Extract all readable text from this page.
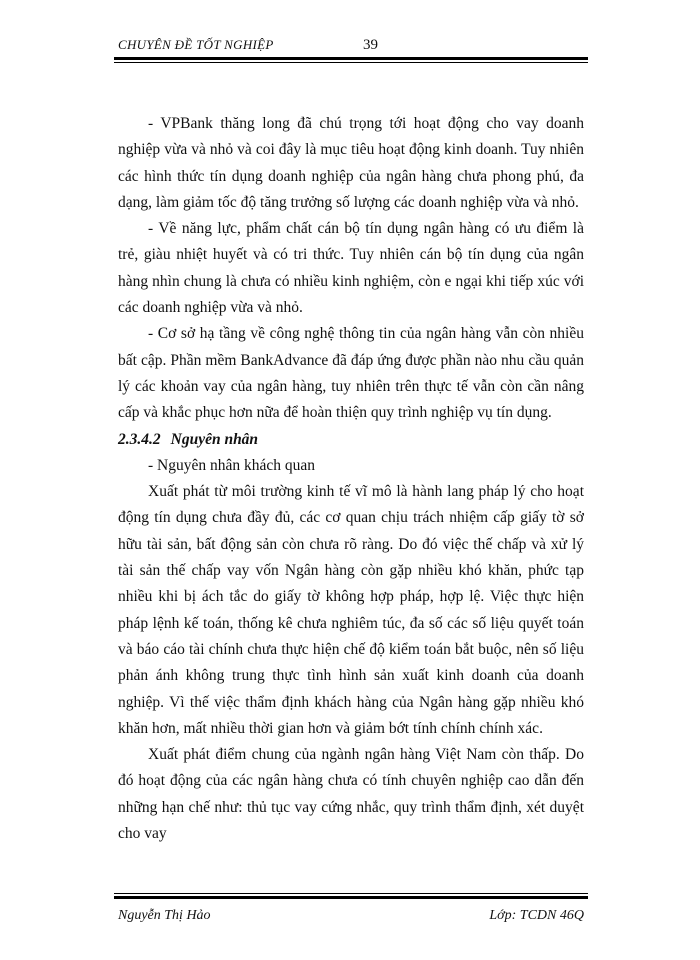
CHUYÊN ĐỀ TỐT NGHIỆP	39

- VPBank thăng long đã chú trọng tới hoạt động cho vay doanh nghiệp vừa và nhỏ và coi đây là mục tiêu hoạt động kinh doanh. Tuy nhiên các hình thức tín dụng doanh nghiệp của ngân hàng chưa phong phú, đa dạng, làm giảm tốc độ tăng trưởng số lượng các doanh nghiệp vừa và nhỏ.

- Về năng lực, phẩm chất cán bộ tín dụng ngân hàng có ưu điểm là trẻ, giàu nhiệt huyết và có tri thức. Tuy nhiên cán bộ tín dụng của ngân hàng nhìn chung là chưa có nhiều kinh nghiệm, còn e ngại khi tiếp xúc với các doanh nghiệp vừa và nhỏ.

- Cơ sở hạ tầng về công nghệ thông tin của ngân hàng vẫn còn nhiều bất cập. Phần mềm BankAdvance đã đáp ứng được phần nào nhu cầu quản lý các khoản vay của ngân hàng, tuy nhiên trên thực tế vẫn còn cần nâng cấp và khắc phục hơn nữa để hoàn thiện quy trình nghiệp vụ tín dụng.

2.3.4.2 Nguyên nhân

- Nguyên nhân khách quan

Xuất phát từ môi trường kinh tế vĩ mô là hành lang pháp lý cho hoạt động tín dụng chưa đầy đủ, các cơ quan chịu trách nhiệm cấp giấy tờ sở hữu tài sản, bất động sản còn chưa rõ ràng. Do đó việc thế chấp và xử lý tài sản thế chấp vay vốn Ngân hàng còn gặp nhiều khó khăn, phức tạp nhiều khi bị ách tắc do giấy tờ không hợp pháp, hợp lệ. Việc thực hiện pháp lệnh kế toán, thống kê chưa nghiêm túc, đa số các số liệu quyết toán và báo cáo tài chính chưa thực hiện chế độ kiểm toán bắt buộc, nên số liệu phản ánh không trung thực tình hình sản xuất kinh doanh của doanh nghiệp. Vì thế việc thẩm định khách hàng của Ngân hàng gặp nhiều khó khăn hơn, mất nhiều thời gian hơn và giảm bớt tính chính chính xác.

Xuất phát điểm chung của ngành ngân hàng Việt Nam còn thấp. Do đó hoạt động của các ngân hàng chưa có tính chuyên nghiệp cao dẫn đến những hạn chế như: thủ tục vay cứng nhắc, quy trình thẩm định, xét duyệt cho vay

Nguyễn Thị Hảo	Lớp: TCDN 46Q
